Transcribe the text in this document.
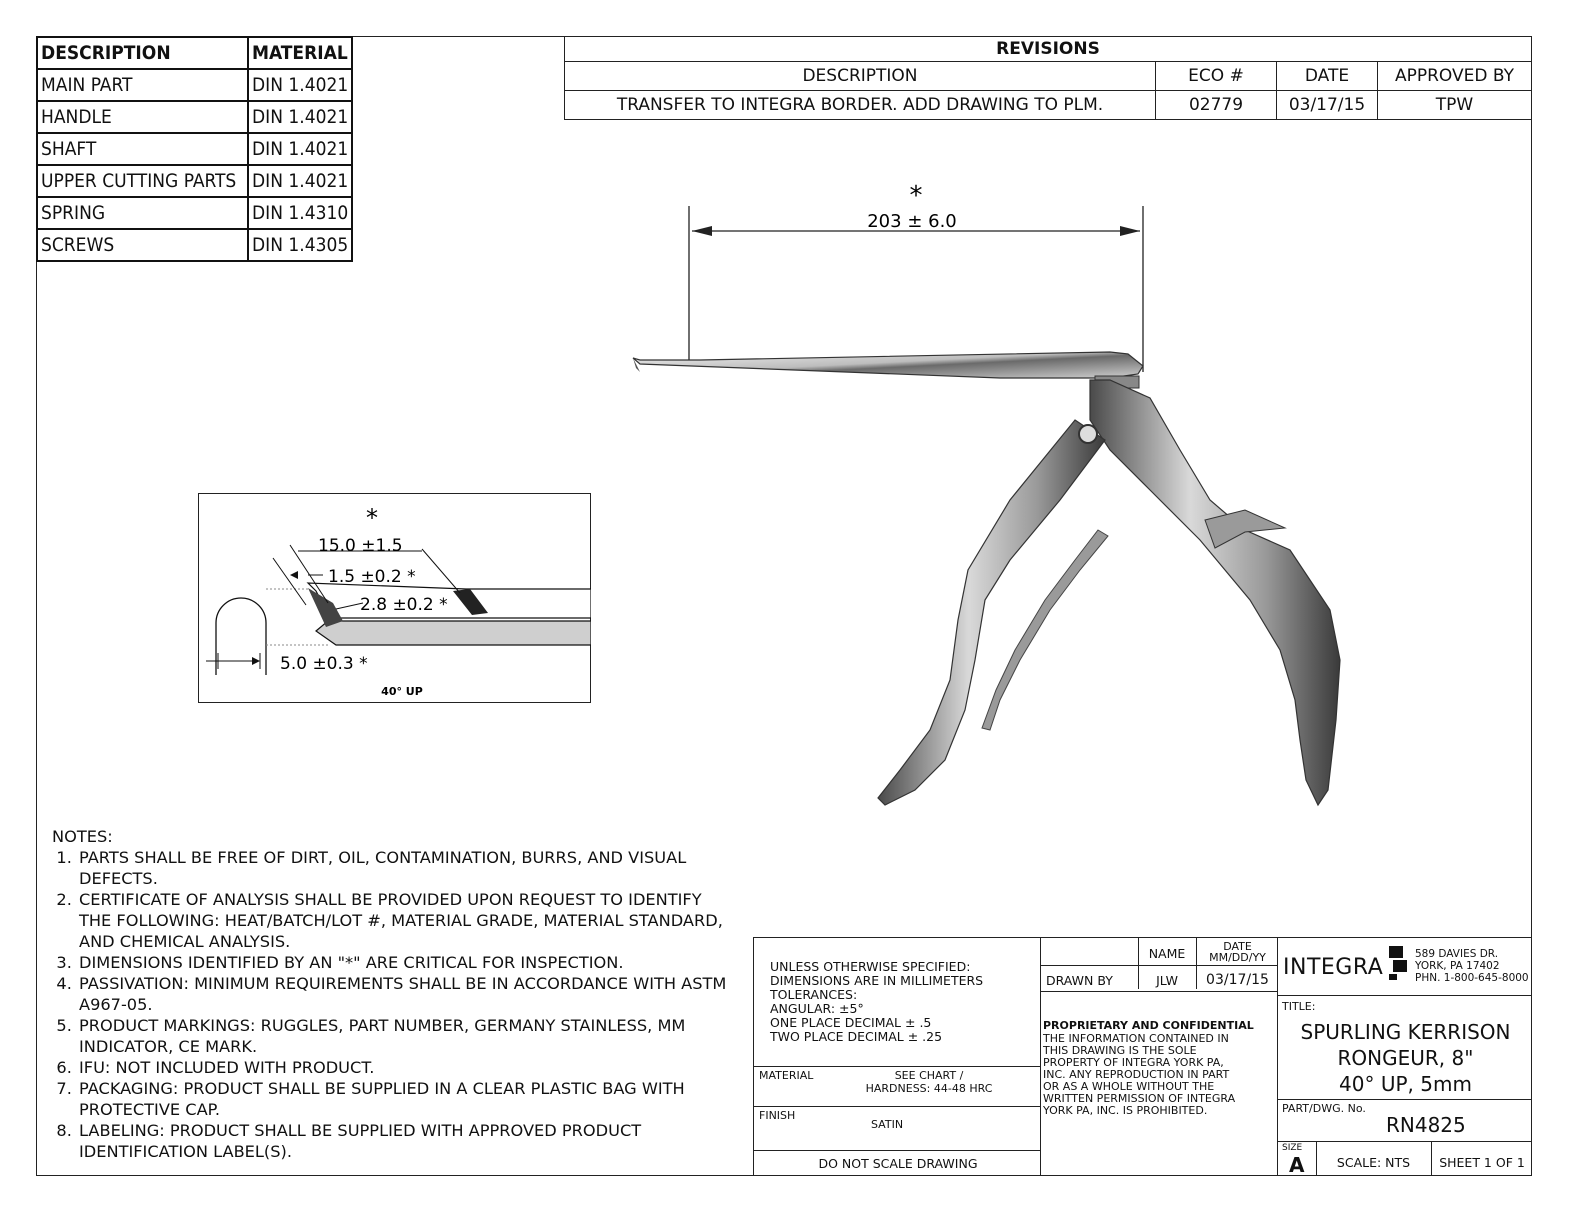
DESCRIPTION	MATERIAL
MAIN PART	DIN 1.4021
HANDLE	DIN 1.4021
SHAFT	DIN 1.4021
UPPER CUTTING PARTS	DIN 1.4021
SPRING	DIN 1.4310
SCREWS	DIN 1.4305
REVISIONS			
DESCRIPTION	ECO #	DATE	APPROVED BY
TRANSFER TO INTEGRA BORDER. ADD DRAWING TO PLM.	02779	03/17/15	TPW
*
203 ± 6.0
*
15.0 ±1.5
1.5 ±0.2 *
2.8 ±0.2 *
5.0 ±0.3 *
40° UP
NOTES:
1. PARTS SHALL BE FREE OF DIRT, OIL, CONTAMINATION, BURRS, AND VISUAL DEFECTS.
2. CERTIFICATE OF ANALYSIS SHALL BE PROVIDED UPON REQUEST TO IDENTIFY THE FOLLOWING: HEAT/BATCH/LOT #, MATERIAL GRADE, MATERIAL STANDARD, AND CHEMICAL ANALYSIS.
3. DIMENSIONS IDENTIFIED BY AN "*" ARE CRITICAL FOR INSPECTION.
4. PASSIVATION: MINIMUM REQUIREMENTS SHALL BE IN ACCORDANCE WITH ASTM A967-05.
5. PRODUCT MARKINGS: RUGGLES, PART NUMBER, GERMANY STAINLESS, MM INDICATOR, CE MARK.
6. IFU: NOT INCLUDED WITH PRODUCT.
7. PACKAGING: PRODUCT SHALL BE SUPPLIED IN A CLEAR PLASTIC BAG WITH PROTECTIVE CAP.
8. LABELING: PRODUCT SHALL BE SUPPLIED WITH APPROVED PRODUCT IDENTIFICATION LABEL(S).
UNLESS OTHERWISE SPECIFIED:
DIMENSIONS ARE IN MILLIMETERS
TOLERANCES:
ANGULAR: ±5°
ONE PLACE DECIMAL ± .5
TWO PLACE DECIMAL ± .25
MATERIAL	SEE CHART /
HARDNESS: 44-48 HRC
FINISH
SATIN
DO NOT SCALE DRAWING
NAME	DATE
MM/DD/YY
DRAWN BY	JLW	03/17/15
PROPRIETARY AND CONFIDENTIAL
THE INFORMATION CONTAINED IN
THIS DRAWING IS THE SOLE
PROPERTY OF INTEGRA YORK PA,
INC. ANY REPRODUCTION IN PART
OR AS A WHOLE WITHOUT THE
WRITTEN PERMISSION OF INTEGRA
YORK PA, INC. IS PROHIBITED.
INTEGRA
589 DAVIES DR.
YORK, PA 17402
PHN. 1-800-645-8000
TITLE:
SPURLING KERRISON
RONGEUR, 8"
40° UP, 5mm
PART/DWG. No.
RN4825
SIZE
A	SCALE: NTS	SHEET 1 OF 1
